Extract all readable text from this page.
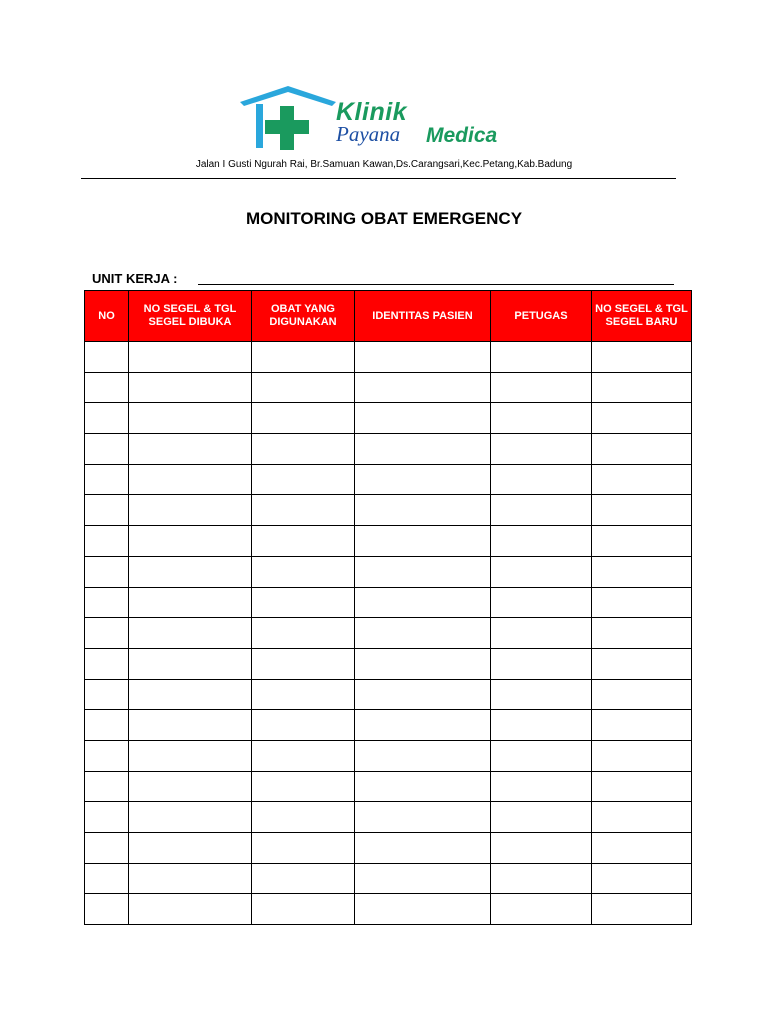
Klinik
Payana Medica
Jalan I Gusti Ngurah Rai, Br.Samuan Kawan,Ds.Carangsari,Kec.Petang,Kab.Badung
MONITORING OBAT EMERGENCY
UNIT KERJA :
NO	NO SEGEL & TGL SEGEL DIBUKA	OBAT YANG DIGUNAKAN	IDENTITAS PASIEN	PETUGAS	NO SEGEL & TGL SEGEL BARU
